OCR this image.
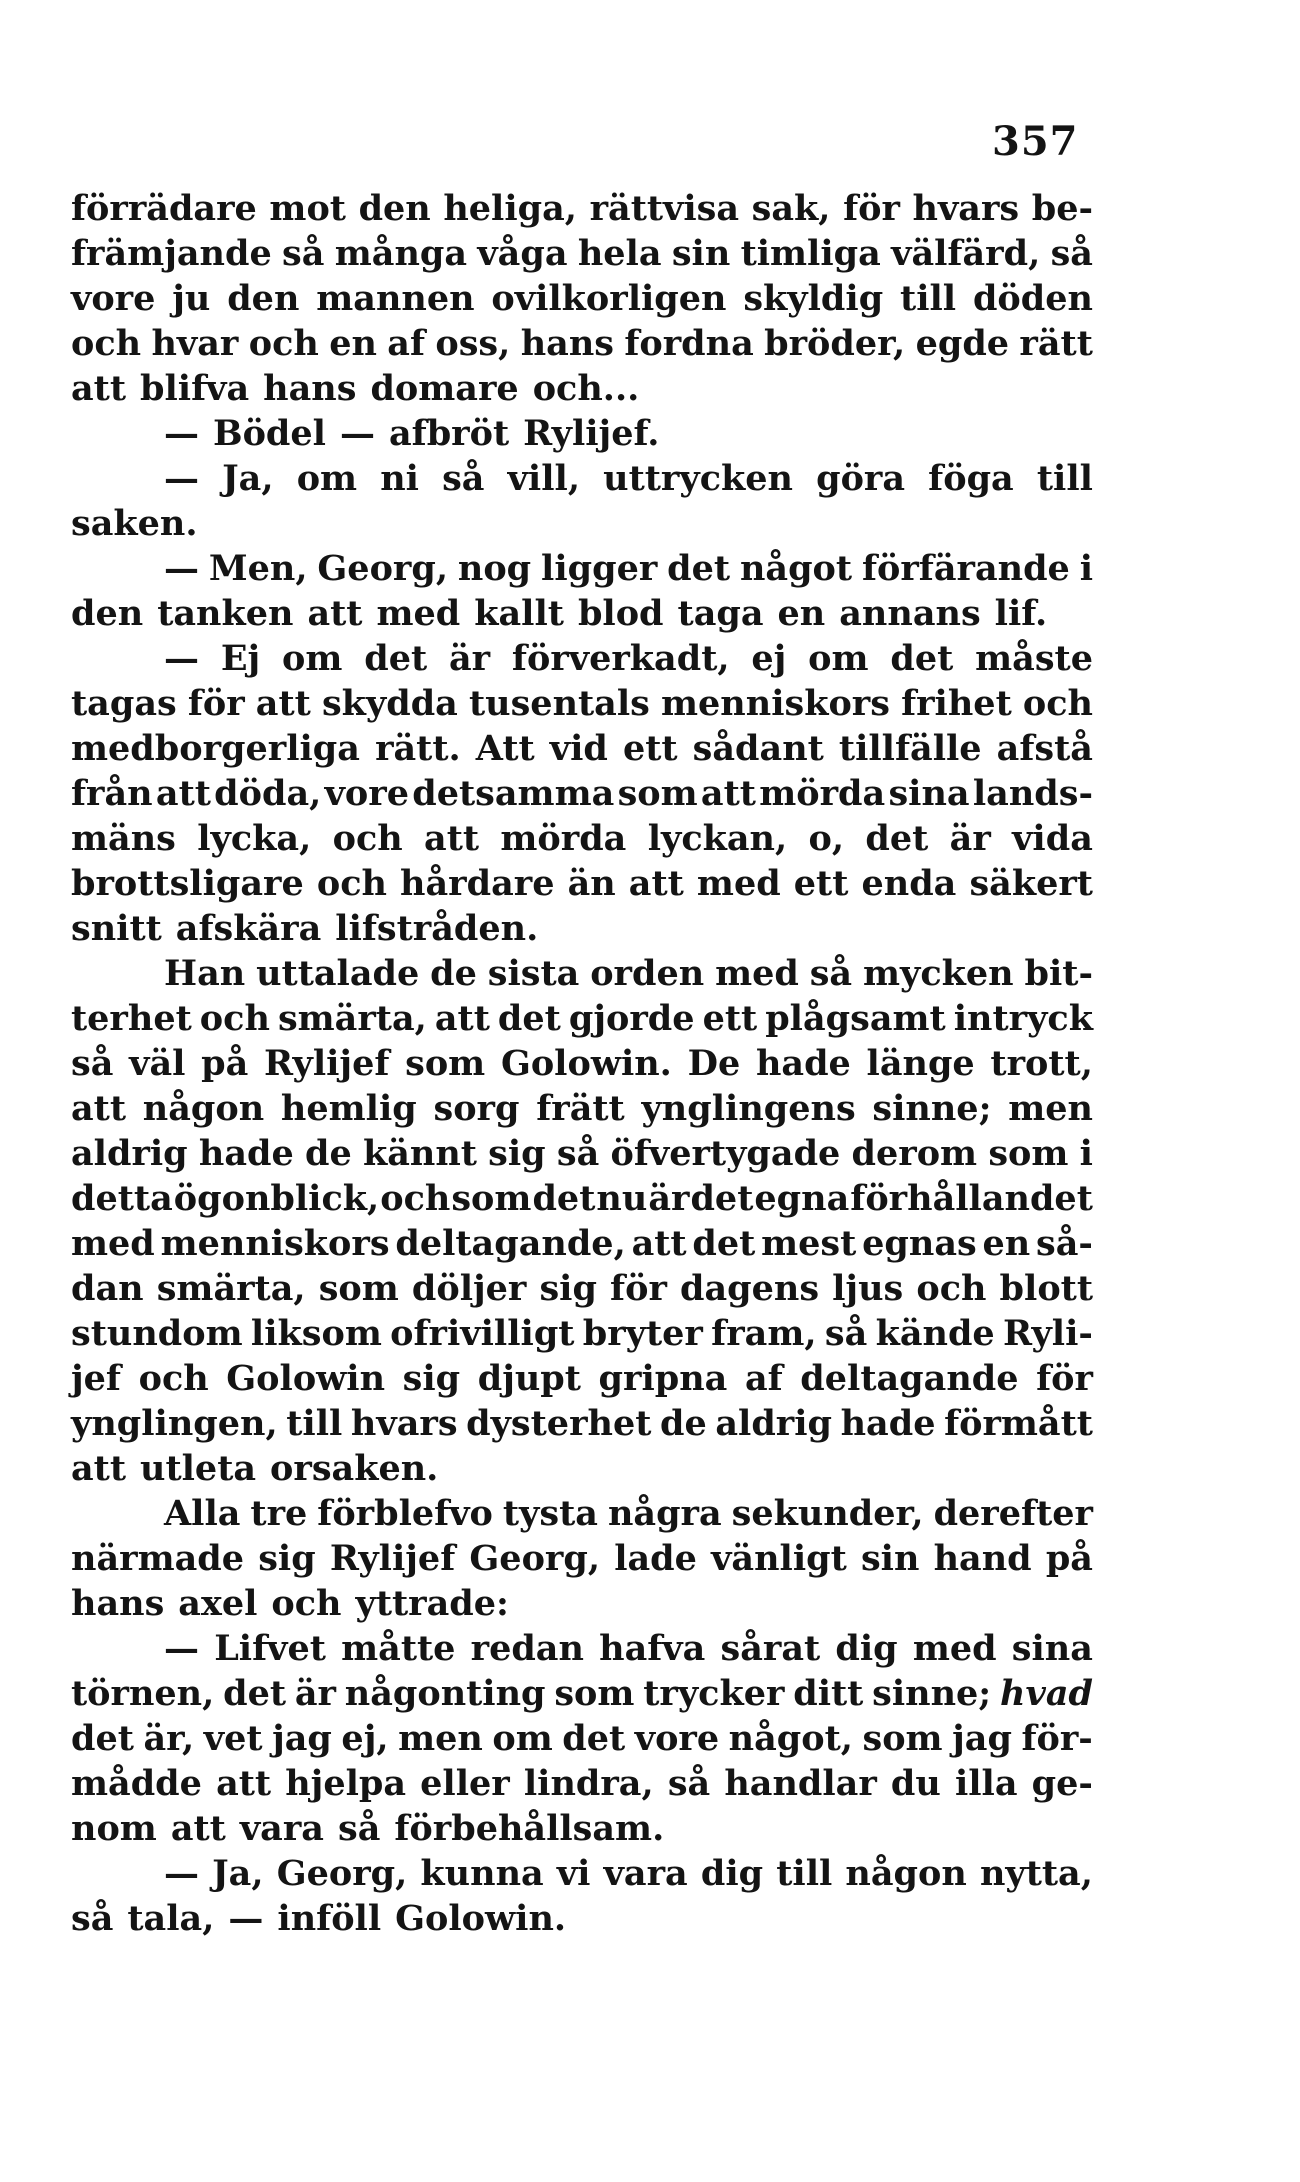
357
förrädare mot den heliga, rättvisa sak, för hvars be-
främjande så många våga hela sin timliga välfärd, så
vore ju den mannen ovilkorligen skyldig till döden
och hvar och en af oss, hans fordna bröder, egde rätt
att blifva hans domare och...
— Bödel — afbröt Rylijef.
— Ja, om ni så vill, uttrycken göra föga till
saken.
— Men, Georg, nog ligger det något förfärande i
den tanken att med kallt blod taga en annans lif.
— Ej om det är förverkadt, ej om det måste
tagas för att skydda tusentals menniskors frihet och
medborgerliga rätt. Att vid ett sådant tillfälle afstå
från att döda, vore detsamma som att mörda sina lands-
mäns lycka, och att mörda lyckan, o, det är vida
brottsligare och hårdare än att med ett enda säkert
snitt afskära lifstråden.
Han uttalade de sista orden med så mycken bit-
terhet och smärta, att det gjorde ett plågsamt intryck
så väl på Rylijef som Golowin. De hade länge trott,
att någon hemlig sorg frätt ynglingens sinne; men
aldrig hade de kännt sig så öfvertygade derom som i
detta ögonblick, och som det nu är det egna förhållandet
med menniskors deltagande, att det mest egnas en så-
dan smärta, som döljer sig för dagens ljus och blott
stundom liksom ofrivilligt bryter fram, så kände Ryli-
jef och Golowin sig djupt gripna af deltagande för
ynglingen, till hvars dysterhet de aldrig hade förmått
att utleta orsaken.
Alla tre förblefvo tysta några sekunder, derefter
närmade sig Rylijef Georg, lade vänligt sin hand på
hans axel och yttrade:
— Lifvet måtte redan hafva sårat dig med sina
törnen, det är någonting som trycker ditt sinne; hvad
det är, vet jag ej, men om det vore något, som jag för-
mådde att hjelpa eller lindra, så handlar du illa ge-
nom att vara så förbehållsam.
— Ja, Georg, kunna vi vara dig till någon nytta,
så tala, — inföll Golowin.
